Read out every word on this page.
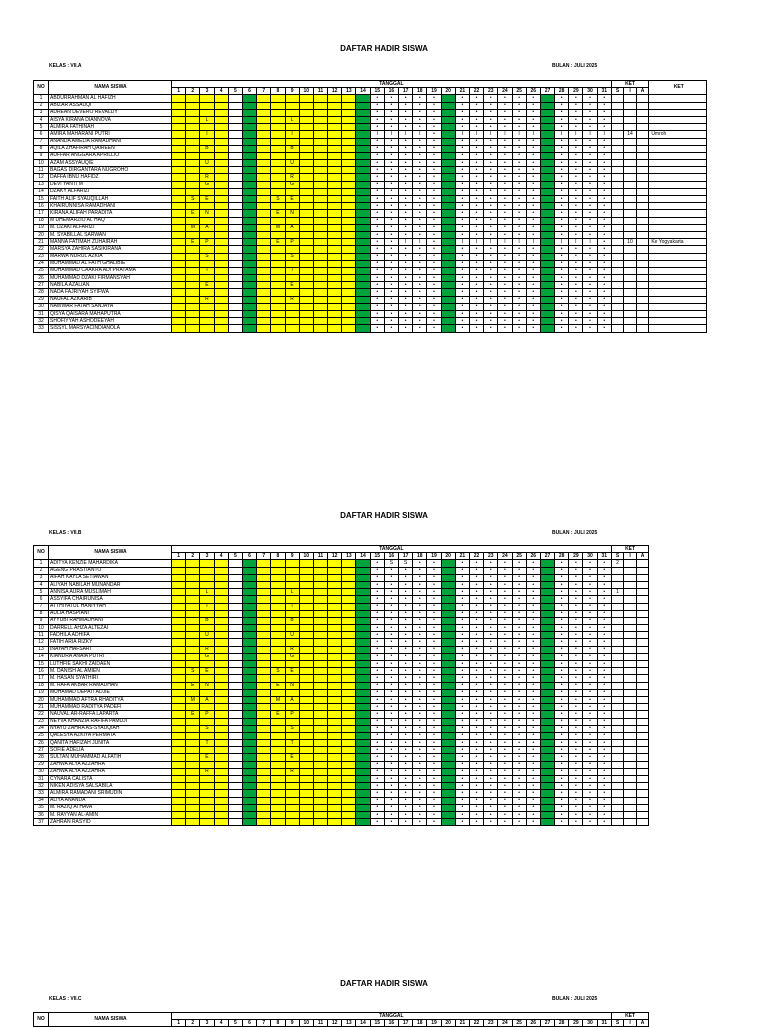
DAFTAR HADIR SISWA
KELAS : VII.A	BULAN : JULI 2025
NO	NAMA SISWA	TANGGAL																															KET			KET
		1	2	3	4	5	6	7	8	9	10	11	12	13	14	15	16	17	18	19	20	21	22	23	24	25	26	27	28	29	30	31	S	I	A	
1	ABDURRAHMAN AL HAFIZH															•	•	•	•	•		•	•	•	•	•	•		•	•	•	•				
2	ABIZAR ASSAUQI															•	•	•	•	•		•	•	•	•	•	•		•	•	•	•				
3	ADREAN DEVERO REVALDY															•	•	•	•	•		•	•	•	•	•	•		•	•	•	•				
4	AISYA KIRANA DIANNOVA			L						L						•	•	•	•	•		•	•	•	•	•	•		•	•	•	•				
5	ALMIRA FATHINAH															•	•	•	•	•		•	•	•	•	•	•		•	•	•	•				
6	AMIRA MAHARANI PUTRI			I						I						I	I	I	I	•		I	I	I	I	I	I		I	I	I	I		14		Umroh
7	ANANDA AMELIA RAMADHANI															•	•	•	•	•		•	•	•	•	•	•		•	•	•	•				
8	AQILA ZHAFIRAH QAIREEN			B						B						•	•	•	•	•		•	•	•	•	•	•		•	•	•	•				
9	AUFFAR ANGGARA APRILLIO															•	•	•	•	•		•	•	•	•	•	•		•	•	•	•				
10	AZAM ASSYAUQIE			U						U						•	•	•	•	•		•	•	•	•	•	•		•	•	•	•				
11	BAGAS DIRGANTARA NUGROHO															•	•	•	•	•		•	•	•	•	•	•		•	•	•	•				
12	DAFFA IBNU HAFIDZ			R						R						•	•	•	•	•		•	•	•	•	•	•		•	•	•	•				
13	DEVI YANTI M			G						G						•	•	•	•	•		•	•	•	•	•	•		•	•	•	•				
14	DZAKY ALFARIZI															•	•	•	•	•		•	•	•	•	•	•		•	•	•	•				
15	FAITH ALIF SYAUQILLAH		S	E					S	E						•	•	•	•	•		•	•	•	•	•	•		•	•	•	•				
16	KHAIRUNNISA RAMADHANI															•	•	•	•	•		•	•	•	•	•	•		•	•	•	•				
17	KIRANA ALIFAH PARADITA		E	N					E	N						•	•	•	•	•		•	•	•	•	•	•		•	•	•	•				
18	M DHEMARZIO AL HAQ															•	•	•	•	•		•	•	•	•	•	•		•	•	•	•				
19	M. DZAKI ALFARIZI		M	A					M	A						•	•	•	•	•		•	•	•	•	•	•		•	•	•	•				
20	M. SYABILLAL SARWAN															•	•	•	•	•		•	•	•	•	•	•		•	•	•	•				
21	MANNA FATIMAH ZUHAIRAH		E	P					E	P						•	•	I	I	•		I	I	I	I	I	I		I	I	I	•		10		Ke Yogyakarta
22	MARSYA ZAHIRA SASIKIRANA															•	•	•	•	•		•	•	•	•	•	•		•	•	•	•				
23	MARWA NURUL AZKIA			S						S						•	•	•	•	•		•	•	•	•	•	•		•	•	•	•				
24	MUHAMMAD AL FATH GHALIBIE															•	•	•	•	•		•	•	•	•	•	•		•	•	•	•				
25	MUHAMMAD CAAKRA ADI PRATAMA			T						T						•	•	•	•	•		•	•	•	•	•	•		•	•	•	•				
26	MUHAMMAD DZAKI FIRMANSYAH															•	•	•	•	•		•	•	•	•	•	•		•	•	•	•				
27	NABILA AZALIAN			E						E						•	•	•	•	•		•	•	•	•	•	•		•	•	•	•				
28	NADA FAJRIYAH SYIFWA															•	•	•	•	•		•	•	•	•	•	•		•	•	•	•				
29	NAUFAL AZKARIB			R						R						•	•	•	•	•		•	•	•	•	•	•		•	•	•	•				
30	NAWWAR FATAH SANJAYA															•	•	•	•	•		•	•	•	•	•	•		•	•	•	•				
31	QISYA QAISARA MAHAPUTRA															•	•	•	•	•		•	•	•	•	•	•		•	•	•	•				
32	SHOFIYYAH ASHODEEYAH															•	•	•	•	•		•	•	•	•	•	•		•	•	•	•				
33	SISSYL MARSYACINDIANOLA															•	•	•	•	•		•	•	•	•	•	•		•	•	•	•				
DAFTAR HADIR SISWA
KELAS : VII.B	BULAN : JULI 2025
NO	NAMA SISWA	TANGGAL																															KET		
		1	2	3	4	5	6	7	8	9	10	11	12	13	14	15	16	17	18	19	20	21	22	23	24	25	26	27	28	29	30	31	S	I	A
1	ADITYA KENZIE MAHARDIKA															•	S	S	•	•		•	•	•	•	•	•		•	•	•	•	2		
2	AGENG PRASTIANTO															•	•	•	•	•		•	•	•	•	•	•		•	•	•	•			
3	AIFAH KAYLA SETIAWAN															•	•	•	•	•		•	•	•	•	•	•		•	•	•	•			
4	ALIYAH NABILAH MUNANDAR															•	•	•	•	•		•	•	•	•	•	•		•	•	•	•			
5	ANNISA AURA MUSLIMAH			L						L						•	•	•	•	•		•	•	•	•	•	•		•	•	•	•	1		
6	ASSYIFA CHAIRUNISA															•	•	•	•	•		•	•	•	•	•	•		•	•	•	•			
7	ATTHIYATUL HANIYYAH			I						I						•	•	•	•	•		•	•	•	•	•	•		•	•	•	•			
8	AULIA HASPIANI															•	•	•	•	•		•	•	•	•	•	•		•	•	•	•			
9	AYYUBI RAHMADHANI			B						B						•	•	•	•	•		•	•	•	•	•	•		•	•	•	•			
10	DARRELL AHZA ALTEZAI															•	•	•	•	•		•	•	•	•	•	•		•	•	•	•			
11	FADHILA ADHIFA			U						U						•	•	•	•	•		•	•	•	•	•	•		•	•	•	•			
12	FATIH ARIA RIZKY															•	•	•	•	•		•	•	•	•	•	•		•	•	•	•			
13	INAYAH HAFSARI			R						R						•	•	•	•	•		•	•	•	•	•	•		•	•	•	•			
14	KIANDRA ANAIA PUTRI			G						G						•	•	•	•	•		•	•	•	•	•	•		•	•	•	•			
15	LUTHFIE SAKHI ZAIDAEN															•	•	•	•	•		•	•	•	•	•	•		•	•	•	•			
16	M. DANISH AL AMIEN		S	E					S	E						•	•	•	•	•		•	•	•	•	•	•		•	•	•	•			
17	M. HASAN SYATHIRI															•	•	•	•	•		•	•	•	•	•	•		•	•	•	•			
18	M. RAFA AKBAR RAMADHAN		E	N					E	N						•	•	•	•	•		•	•	•	•	•	•		•	•	•	•			
19	MUHAMAD DEPATI ADJIE															•	•	•	•	•		•	•	•	•	•	•		•	•	•	•			
20	MUHAMMAD AFTRA RHADITYA		M	A					M	A						•	•	•	•	•		•	•	•	•	•	•		•	•	•	•			
21	MUHAMMAD RADITYA PADEFI															•	•	•	•	•		•	•	•	•	•	•		•	•	•	•			
22	NAUVAL AR-RAFFA LAPARTA		E	P					E	P						•	•	•	•	•		•	•	•	•	•	•		•	•	•	•			
23	NEYVA KHANZIA RAFIFA PAMUJI															•	•	•	•	•		•	•	•	•	•	•		•	•	•	•			
24	NYAYU ZAHRA AS-SYAUQIAH			S						S						•	•	•	•	•		•	•	•	•	•	•		•	•	•	•			
25	QALESYA AZKIYA PERMATA															•	•	•	•	•		•	•	•	•	•	•		•	•	•	•			
26	QANITA HAFIZAH JUNITA			T						T						•	•	•	•	•		•	•	•	•	•	•		•	•	•	•			
27	SOFIE ADELIA															•	•	•	•	•		•	•	•	•	•	•		•	•	•	•			
28	SULTAN MUHAMMAD ALFATIH			E						E						•	•	•	•	•		•	•	•	•	•	•		•	•	•	•			
29	ZAHWA ALYA AZZAHRA															•	•	•	•	•		•	•	•	•	•	•		•	•	•	•			
30	ZAHWA ALYA AZZAHRA			R						R						•	•	•	•	•		•	•	•	•	•	•		•	•	•	•			
31	CYNARA CALISTA															•	•	•	•	•		•	•	•	•	•	•		•	•	•	•			
32	NIKEN ADISYA SALSABILA															•	•	•	•	•		•	•	•	•	•	•		•	•	•	•			
33	ALMIRA RAMADANI SRIMUDIN															•	•	•	•	•		•	•	•	•	•	•		•	•	•	•			
34	ALIYA ANANDA															•	•	•	•	•		•	•	•	•	•	•		•	•	•	•			
35	M. RAZIQ ATHAVA															•	•	•	•	•		•	•	•	•	•	•		•	•	•	•			
36	M. RAYYAN AL-AMIN															•	•	•	•	•		•	•	•	•	•	•		•	•	•	•			
37	ZAHRAN RASYID															•	•	•	•	•		•	•	•	•	•	•		•	•	•	•			
DAFTAR HADIR SISWA
KELAS : VII.C	BULAN : JULI 2025
NO	NAMA SISWA	TANGGAL																															KET		
		1	2	3	4	5	6	7	8	9	10	11	12	13	14	15	16	17	18	19	20	21	22	23	24	25	26	27	28	29	30	31	S	I	A
